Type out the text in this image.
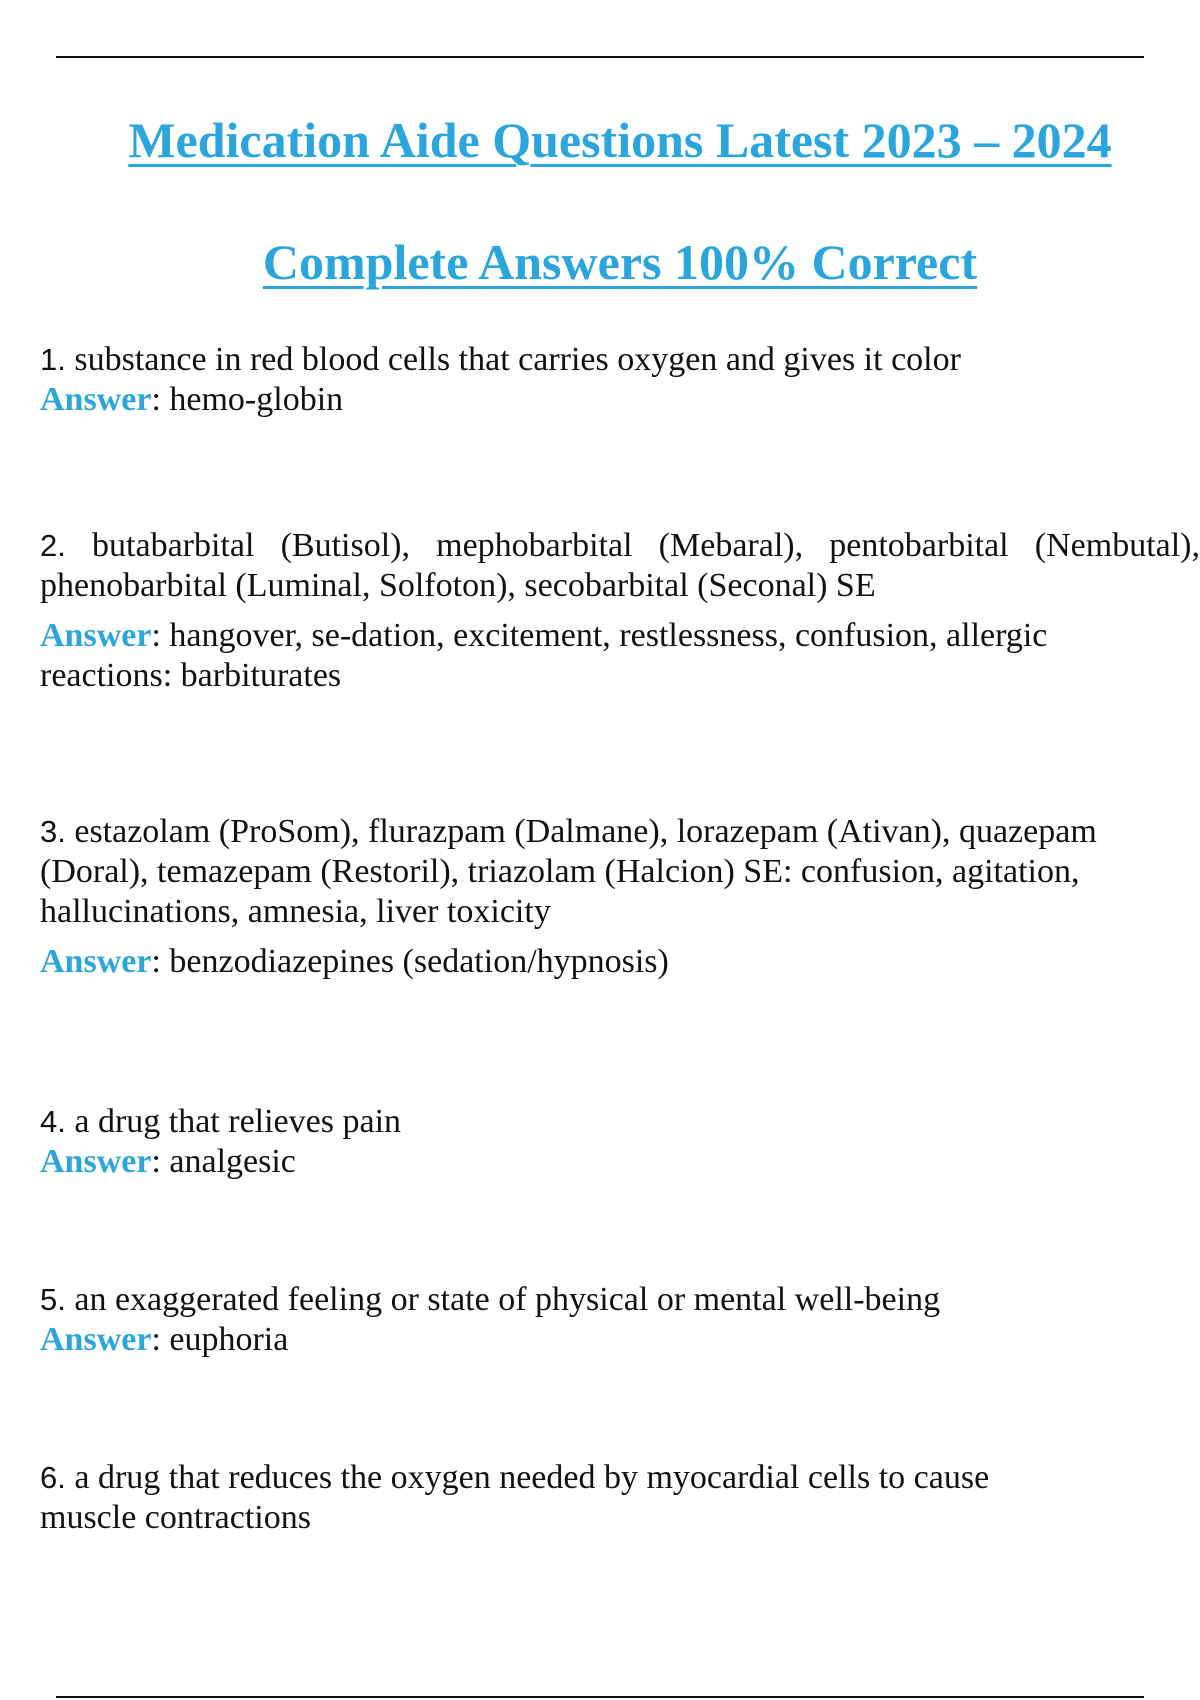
Medication Aide Questions Latest 2023 – 2024
Complete Answers 100% Correct

1. substance in red blood cells that carries oxygen and gives it color

Answer: hemo-globin

2. butabarbital (Butisol), mephobarbital (Mebaral), pentobarbital (Nembutal),

phenobarbital (Luminal, Solfoton), secobarbital (Seconal) SE

Answer: hangover, se-dation, excitement, restlessness, confusion, allergic

reactions: barbiturates

3. estazolam (ProSom), flurazpam (Dalmane), lorazepam (Ativan), quazepam

(Doral), temazepam (Restoril), triazolam (Halcion) SE: confusion, agitation,

hallucinations, amnesia, liver toxicity

Answer: benzodiazepines (sedation/hypnosis)

4. a drug that relieves pain

Answer: analgesic

5. an exaggerated feeling or state of physical or mental well-being

Answer: euphoria

6. a drug that reduces the oxygen needed by myocardial cells to cause

muscle contractions
